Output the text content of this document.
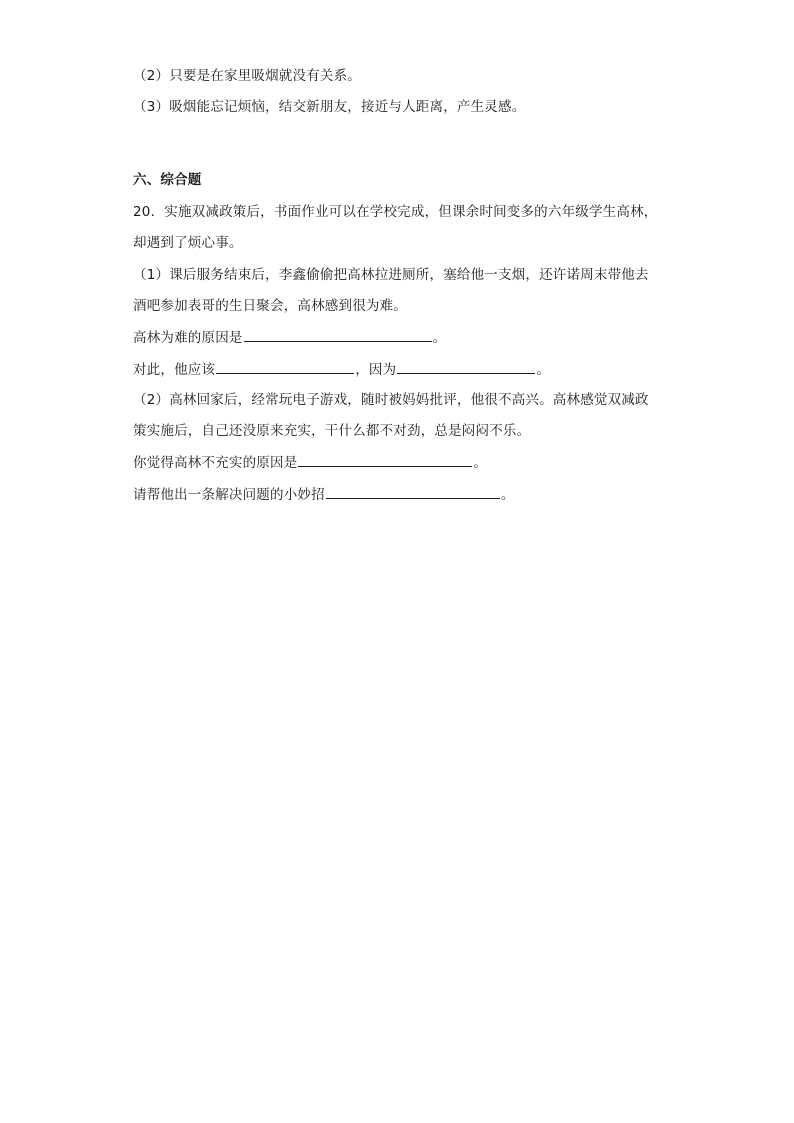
（2）只要是在家里吸烟就没有关系。
（3）吸烟能忘记烦恼，结交新朋友，接近与人距离，产生灵感。
六、综合题
20．实施双减政策后，书面作业可以在学校完成，但课余时间变多的六年级学生高林，
却遇到了烦心事。
（1）课后服务结束后，李鑫偷偷把高林拉进厕所，塞给他一支烟，还许诺周末带他去
酒吧参加表哥的生日聚会，高林感到很为难。
高林为难的原因是	。
对此，他应该	，因为	。
（2）高林回家后，经常玩电子游戏，随时被妈妈批评，他很不高兴。高林感觉双减政
策实施后，自己还没原来充实，干什么都不对劲，总是闷闷不乐。
你觉得高林不充实的原因是	。
请帮他出一条解决问题的小妙招	。
